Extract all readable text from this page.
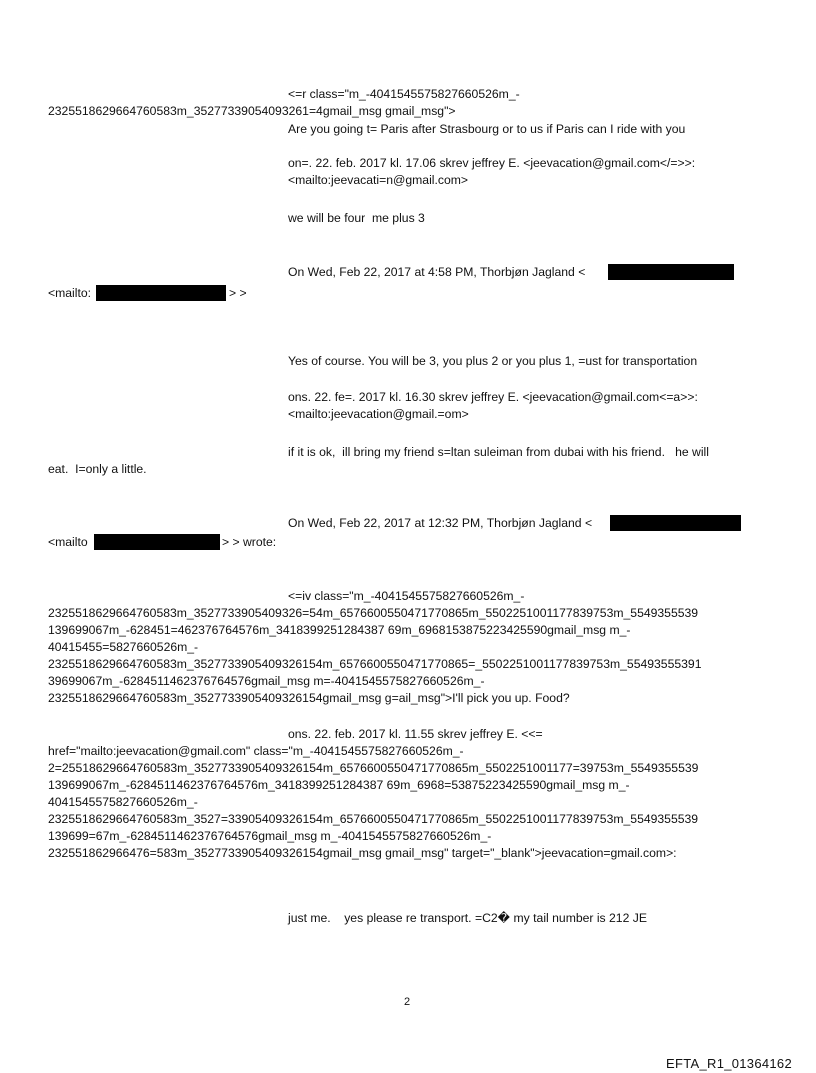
<=r class="m_-4041545575827660526m_-
2325518629664760583m_35277339054093261=4gmail_msg gmail_msg">
Are you going t= Paris after Strasbourg or to us if Paris can I ride with you
on=. 22. feb. 2017 kl. 17.06 skrev jeffrey E. <jeevacation@gmail.com</=>>:
<mailto:jeevacati=n@gmail.com>
we will be four  me plus 3
On Wed, Feb 22, 2017 at 4:58 PM, Thorbjøn Jagland <
<mailto:	> >
Yes of course. You will be 3, you plus 2 or you plus 1, =ust for transportation
ons. 22. fe=. 2017 kl. 16.30 skrev jeffrey E. <jeevacation@gmail.com<=a>>:
<mailto:jeevacation@gmail.=om>
if it is ok,  ill bring my friend s=ltan suleiman from dubai with his friend.   he will
eat.  I=only a little.
On Wed, Feb 22, 2017 at 12:32 PM, Thorbjøn Jagland <
<mailto	> > wrote:
<=iv class="m_-4041545575827660526m_-
2325518629664760583m_3527733905409326=54m_6576600550471770865m_5502251001177839753m_5549355539
139699067m_-628451=462376764576m_3418399251284387 69m_6968153875223425590gmail_msg m_-
40415455=5827660526m_-
2325518629664760583m_3527733905409326154m_6576600550471770865=_5502251001177839753m_55493555391
39699067m_-6284511462376764576gmail_msg m=-4041545575827660526m_-
2325518629664760583m_3527733905409326154gmail_msg g=ail_msg">I'll pick you up. Food?
ons. 22. feb. 2017 kl. 11.55 skrev jeffrey E. <<=
href="mailto:jeevacation@gmail.com" class="m_-4041545575827660526m_-
2=25518629664760583m_3527733905409326154m_6576600550471770865m_5502251001177=39753m_5549355539
139699067m_-6284511462376764576m_3418399251284387 69m_6968=53875223425590gmail_msg m_-
4041545575827660526m_-
2325518629664760583m_3527=33905409326154m_6576600550471770865m_5502251001177839753m_5549355539
139699=67m_-6284511462376764576gmail_msg m_-4041545575827660526m_-
232551862966476=583m_3527733905409326154gmail_msg gmail_msg" target="_blank">jeevacation=gmail.com>:
just me.    yes please re transport. =C2� my tail number is 212 JE
2
EFTA_R1_01364162
